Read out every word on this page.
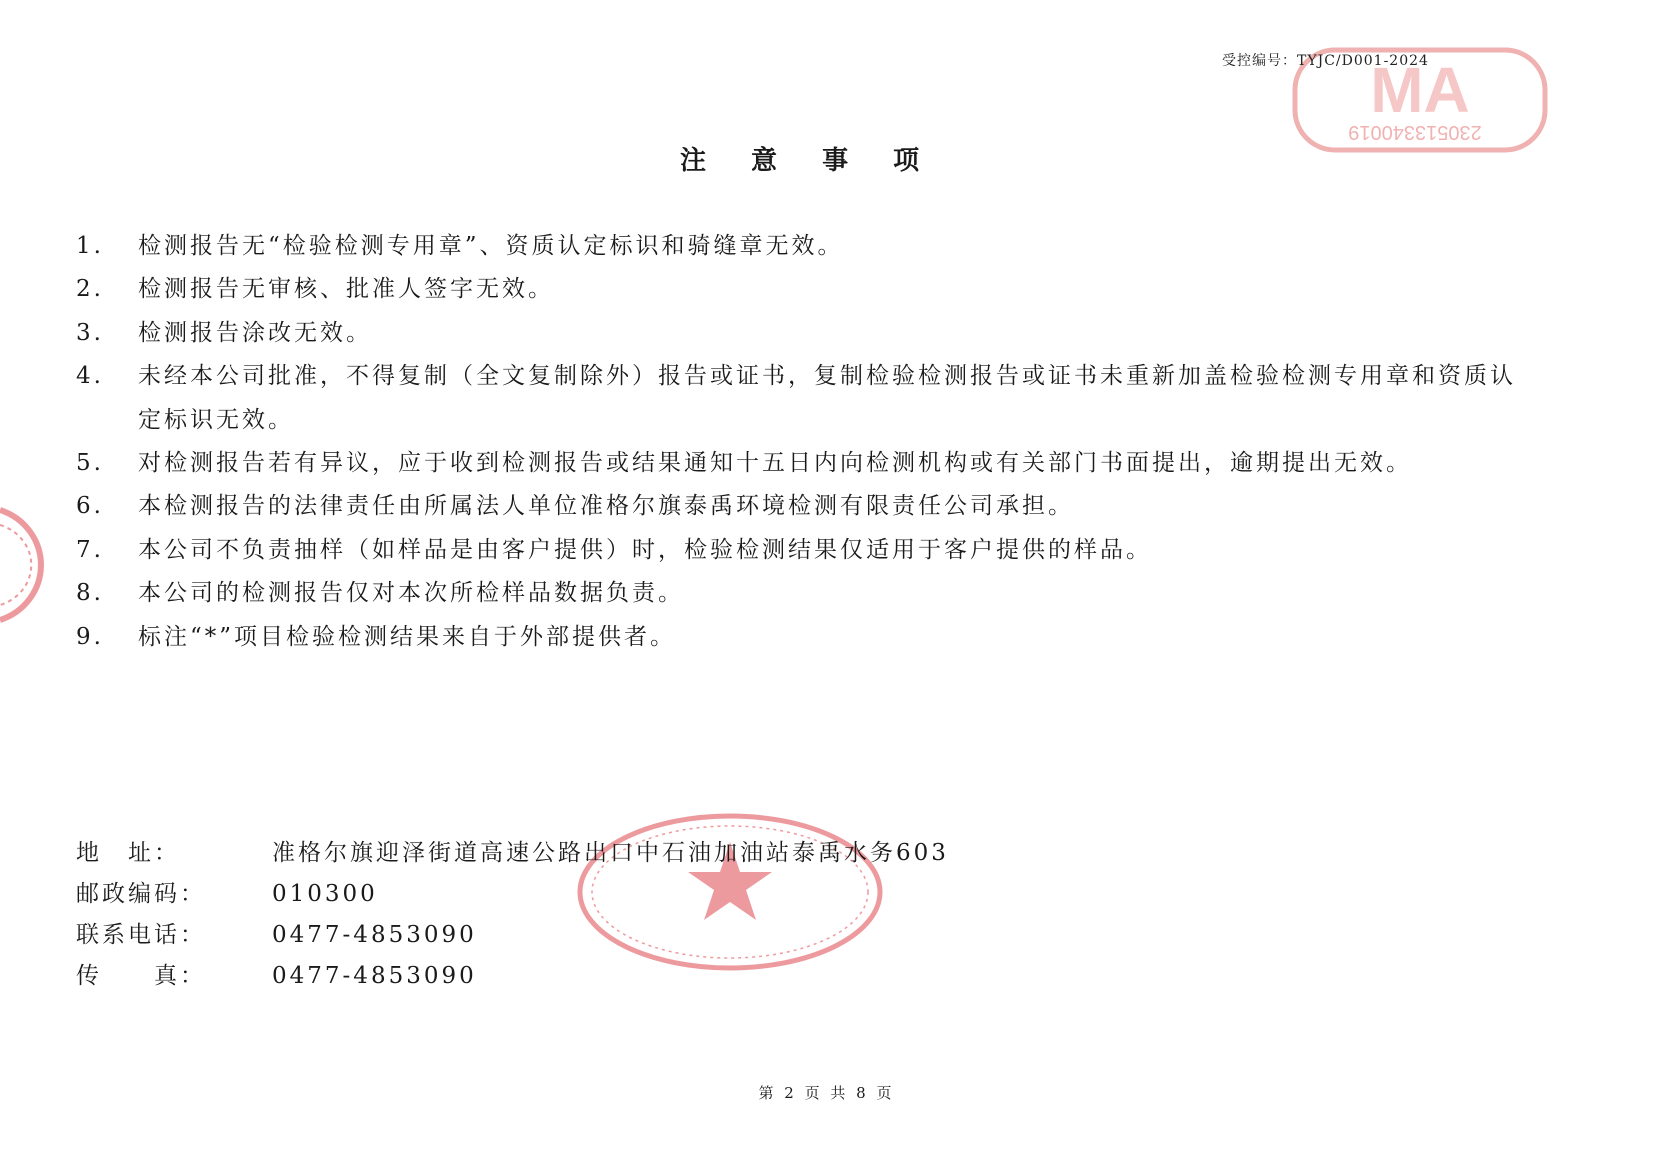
MA
230513340019
受控编号：TYJC/D001-2024
注 意 事 项
1. 检测报告无“检验检测专用章”、资质认定标识和骑缝章无效。
2. 检测报告无审核、批准人签字无效。
3. 检测报告涂改无效。
4. 未经本公司批准，不得复制（全文复制除外）报告或证书，复制检验检测报告或证书未重新加盖检验检测专用章和资质认定标识无效。
5. 对检测报告若有异议，应于收到检测报告或结果通知十五日内向检测机构或有关部门书面提出，逾期提出无效。
6. 本检测报告的法律责任由所属法人单位准格尔旗泰禹环境检测有限责任公司承担。
7. 本公司不负责抽样（如样品是由客户提供）时，检验检测结果仅适用于客户提供的样品。
8. 本公司的检测报告仅对本次所检样品数据负责。
9. 标注“*”项目检验检测结果来自于外部提供者。
地　址：	准格尔旗迎泽街道高速公路出口中石油加油站泰禹水务603
邮政编码：	010300
联系电话：	0477-4853090
传　　真：	0477-4853090
第 2 页 共 8 页
